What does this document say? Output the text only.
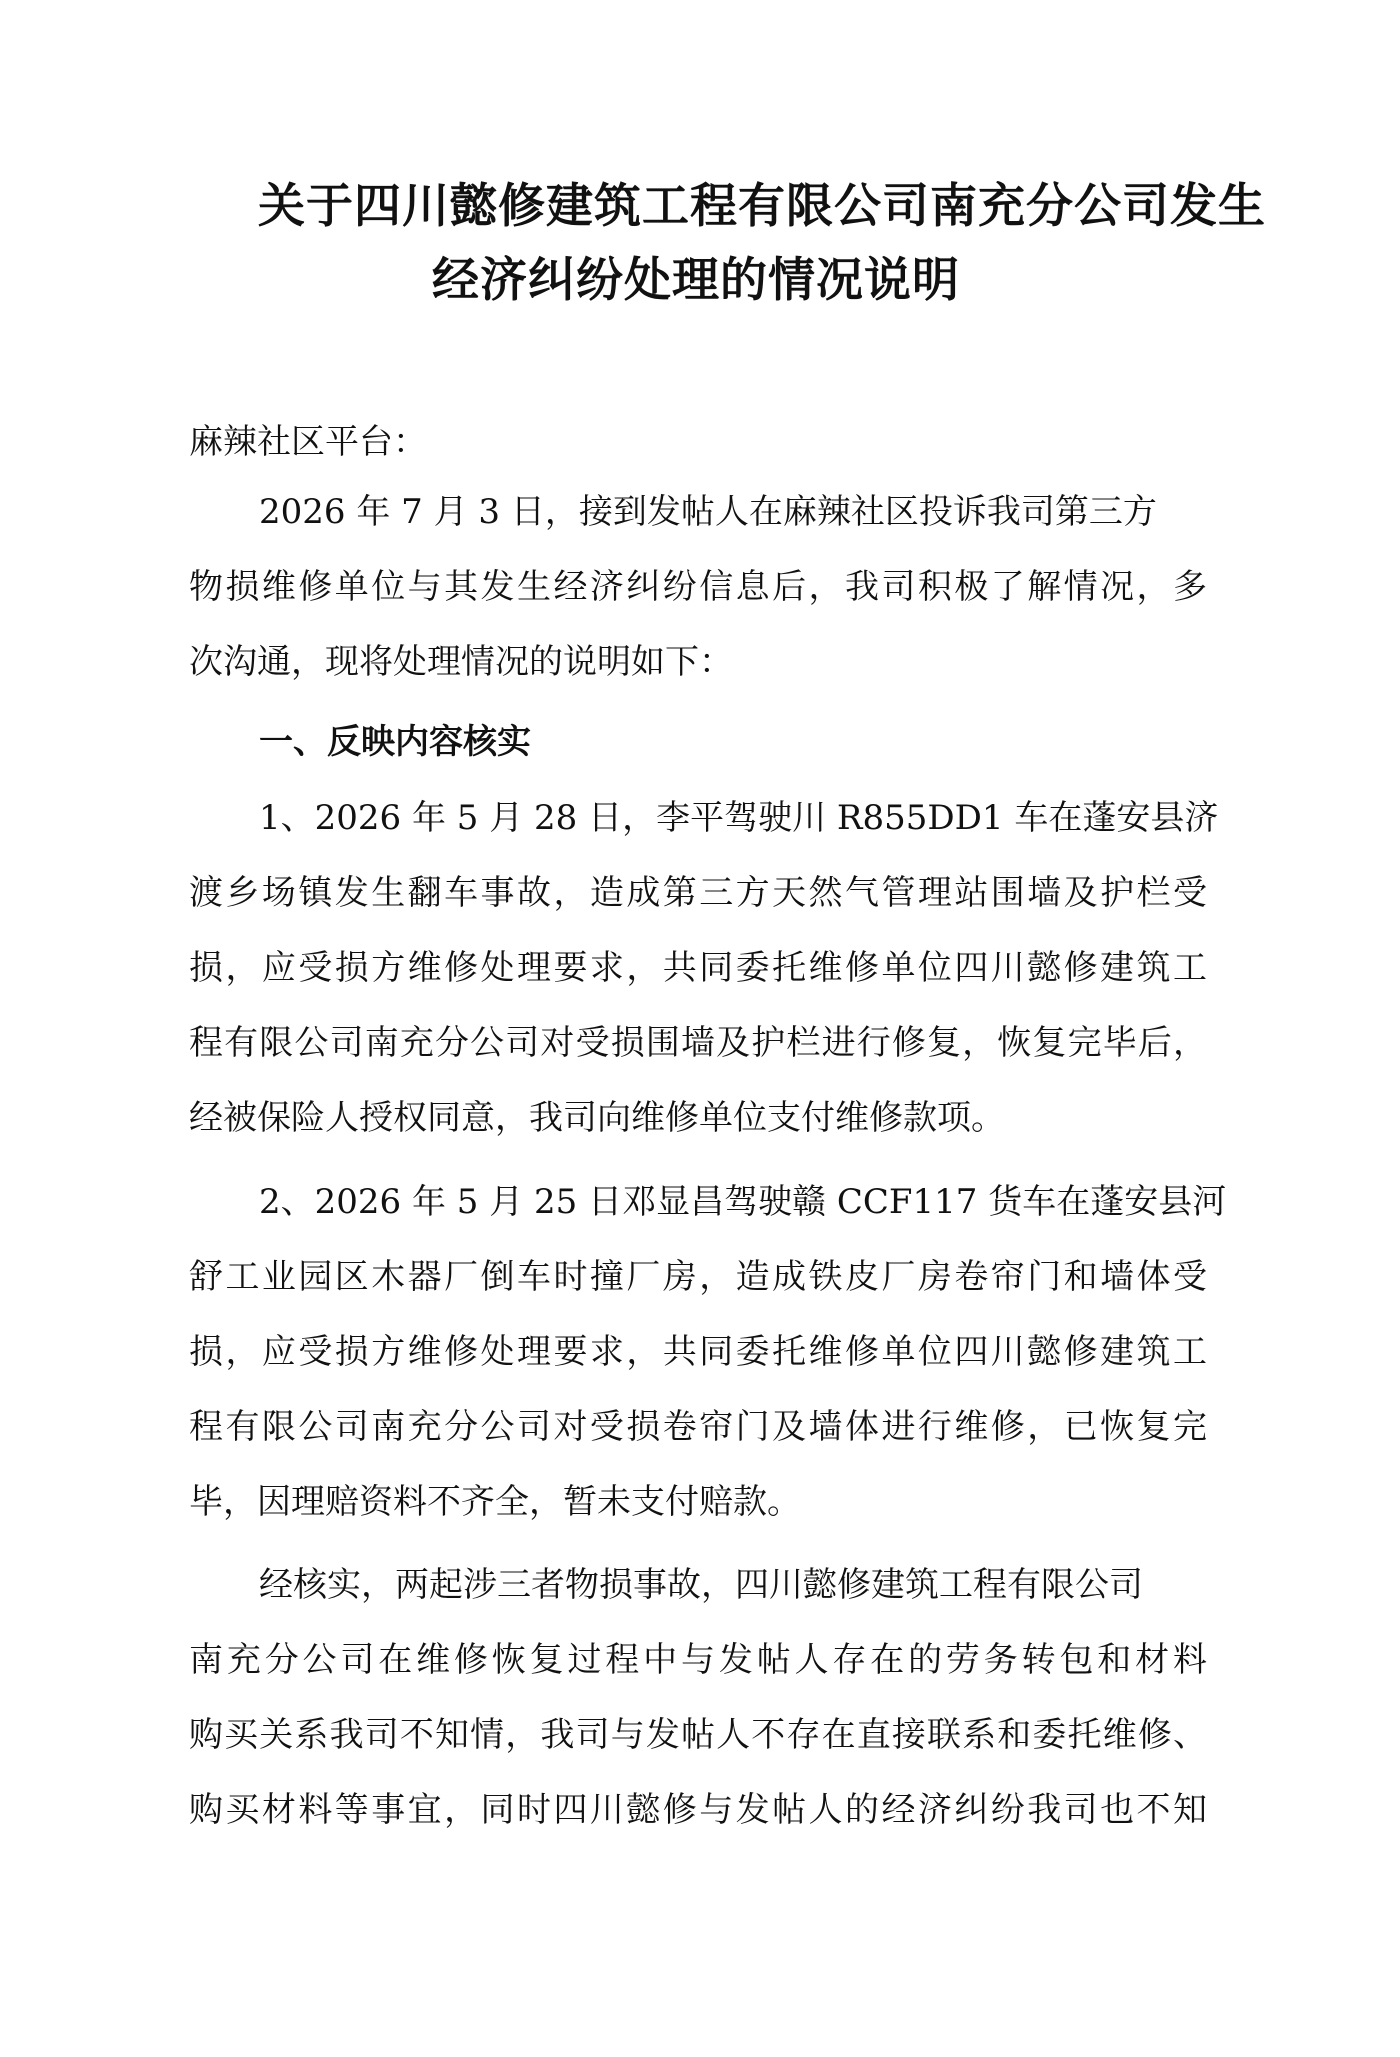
关于四川懿修建筑工程有限公司南充分公司发生
经济纠纷处理的情况说明
麻辣社区平台：
2026 年 7 月 3 日，接到发帖人在麻辣社区投诉我司第三方
物损维修单位与其发生经济纠纷信息后，我司积极了解情况，多
次沟通，现将处理情况的说明如下：
一、反映内容核实
1、2026 年 5 月 28 日，李平驾驶川 R855DD1 车在蓬安县济
渡乡场镇发生翻车事故，造成第三方天然气管理站围墙及护栏受
损，应受损方维修处理要求，共同委托维修单位四川懿修建筑工
程有限公司南充分公司对受损围墙及护栏进行修复，恢复完毕后，
经被保险人授权同意，我司向维修单位支付维修款项。
2、2026 年 5 月 25 日邓显昌驾驶赣 CCF117 货车在蓬安县河
舒工业园区木器厂倒车时撞厂房，造成铁皮厂房卷帘门和墙体受
损，应受损方维修处理要求，共同委托维修单位四川懿修建筑工
程有限公司南充分公司对受损卷帘门及墙体进行维修，已恢复完
毕，因理赔资料不齐全，暂未支付赔款。
经核实，两起涉三者物损事故，四川懿修建筑工程有限公司
南充分公司在维修恢复过程中与发帖人存在的劳务转包和材料
购买关系我司不知情，我司与发帖人不存在直接联系和委托维修、
购买材料等事宜，同时四川懿修与发帖人的经济纠纷我司也不知
